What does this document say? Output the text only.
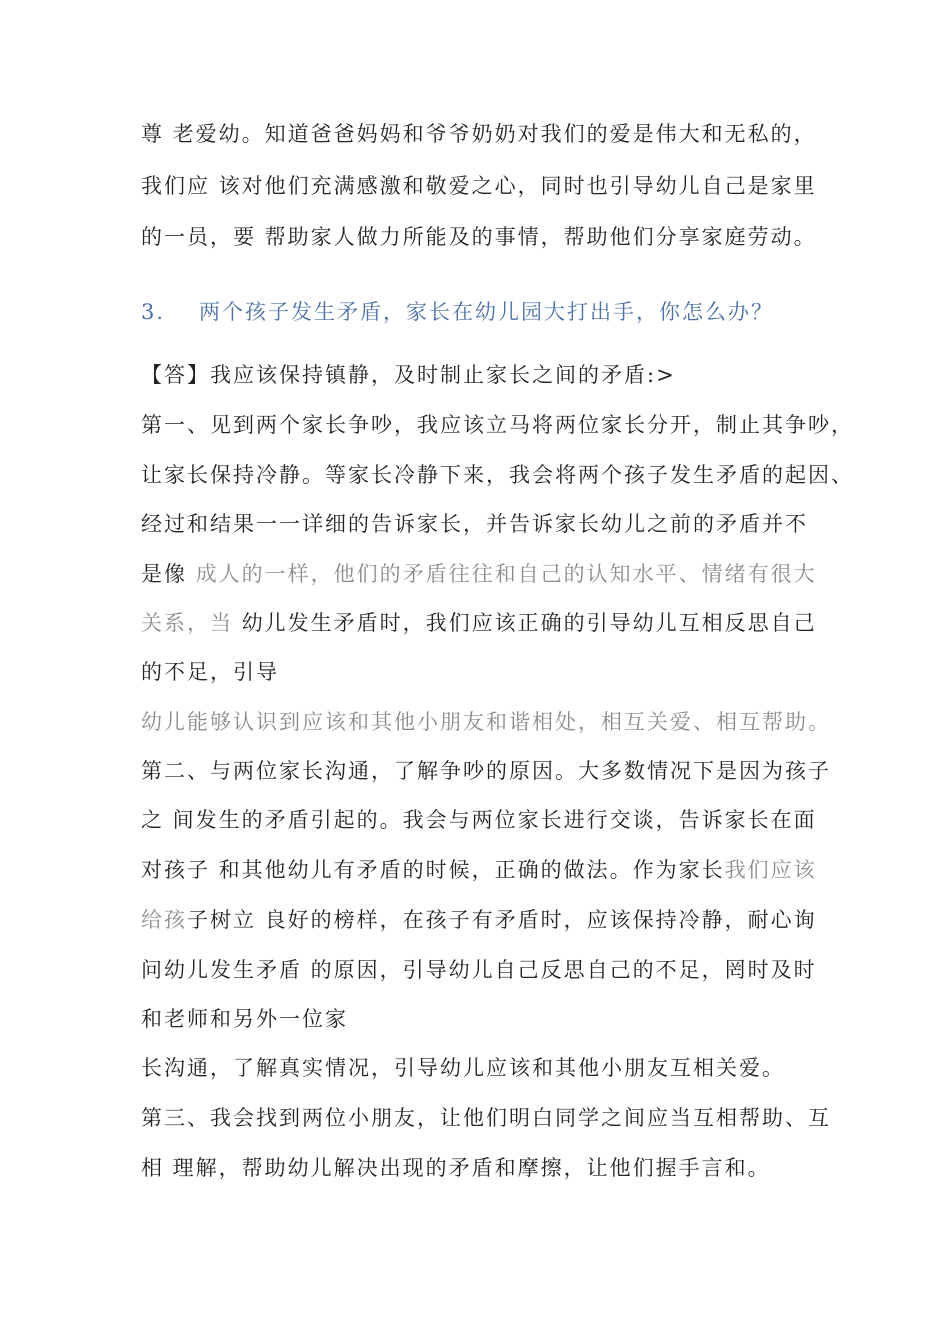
尊 老爱幼。知道爸爸妈妈和爷爷奶奶对我们的爱是伟大和无私的，
我们应 该对他们充满感激和敬爱之心，同时也引导幼儿自己是家里
的一员，要 帮助家人做力所能及的事情，帮助他们分享家庭劳动。
3. 两个孩子发生矛盾，家长在幼儿园大打出手，你怎么办？
【答】我应该保持镇静，及时制止家长之间的矛盾:>
第一、见到两个家长争吵，我应该立马将两位家长分开，制止其争吵，
让家长保持冷静。等家长冷静下来，我会将两个孩子发生矛盾的起因、
经过和结果一一详细的告诉家长，并告诉家长幼儿之前的矛盾并不
是像 成人的一样，他们的矛盾往往和自己的认知水平、情绪有很大
关系，当 幼儿发生矛盾时，我们应该正确的引导幼儿互相反思自己
的不足，引导
幼儿能够认识到应该和其他小朋友和谐相处，相互关爱、相互帮助。
第二、与两位家长沟通，了解争吵的原因。大多数情况下是因为孩子
之 间发生的矛盾引起的。我会与两位家长进行交谈，告诉家长在面
对孩子 和其他幼儿有矛盾的时候，正确的做法。作为家长我们应该
给孩子树立 良好的榜样，在孩子有矛盾时，应该保持冷静，耐心询
问幼儿发生矛盾 的原因，引导幼儿自己反思自己的不足，罔时及时
和老师和另外一位家
长沟通，了解真实情况，引导幼儿应该和其他小朋友互相关爱。
第三、我会找到两位小朋友，让他们明白同学之间应当互相帮助、互
相 理解，帮助幼儿解决出现的矛盾和摩擦，让他们握手言和。
